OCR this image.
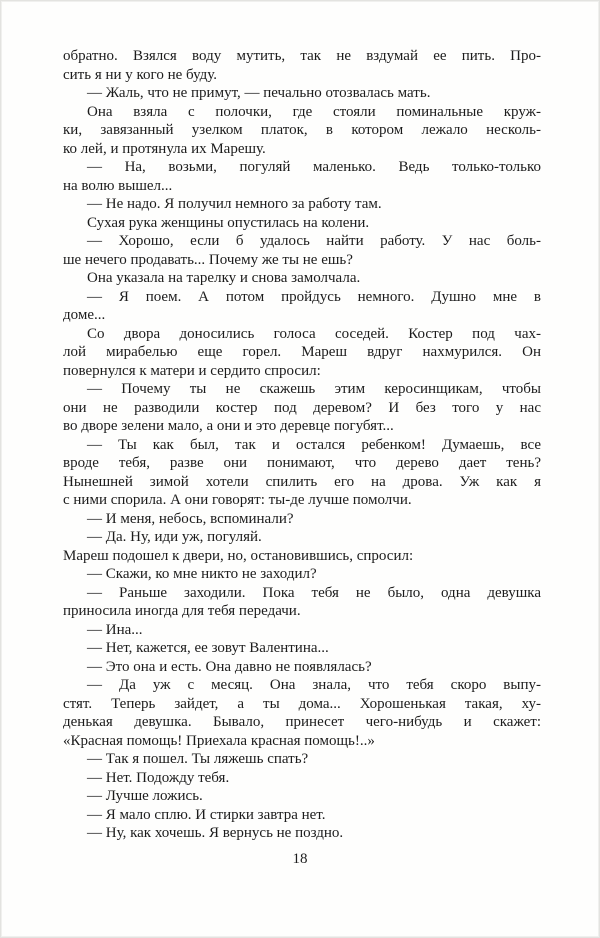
обратно. Взялся воду мутить, так не вздумай ее пить. Про-
сить я ни у кого не буду.
— Жаль, что не примут, — печально отозвалась мать.
Она взяла с полочки, где стояли поминальные круж-
ки, завязанный узелком платок, в котором лежало несколь-
ко лей, и протянула их Марешу.
— На, возьми, погуляй маленько. Ведь только-только
на волю вышел...
— Не надо. Я получил немного за работу там.
Сухая рука женщины опустилась на колени.
— Хорошо, если б удалось найти работу. У нас боль-
ше нечего продавать... Почему же ты не ешь?
Она указала на тарелку и снова замолчала.
— Я поем. А потом пройдусь немного. Душно мне в
доме...
Со двора доносились голоса соседей. Костер под чах-
лой мирабелью еще горел. Мареш вдруг нахмурился. Он
повернулся к матери и сердито спросил:
— Почему ты не скажешь этим керосинщикам, чтобы
они не разводили костер под деревом? И без того у нас
во дворе зелени мало, а они и это деревце погубят...
— Ты как был, так и остался ребенком! Думаешь, все
вроде тебя, разве они понимают, что дерево дает тень?
Нынешней зимой хотели спилить его на дрова. Уж как я
с ними спорила. А они говорят: ты-де лучше помолчи.
— И меня, небось, вспоминали?
— Да. Ну, иди уж, погуляй.
Мареш подошел к двери, но, остановившись, спросил:
— Скажи, ко мне никто не заходил?
— Раньше заходили. Пока тебя не было, одна девушка
приносила иногда для тебя передачи.
— Ина...
— Нет, кажется, ее зовут Валентина...
— Это она и есть. Она давно не появлялась?
— Да уж с месяц. Она знала, что тебя скоро выпу-
стят. Теперь зайдет, а ты дома... Хорошенькая такая, ху-
денькая девушка. Бывало, принесет чего-нибудь и скажет:
«Красная помощь! Приехала красная помощь!..»
— Так я пошел. Ты ляжешь спать?
— Нет. Подожду тебя.
— Лучше ложись.
— Я мало сплю. И стирки завтра нет.
— Ну, как хочешь. Я вернусь не поздно.
18
